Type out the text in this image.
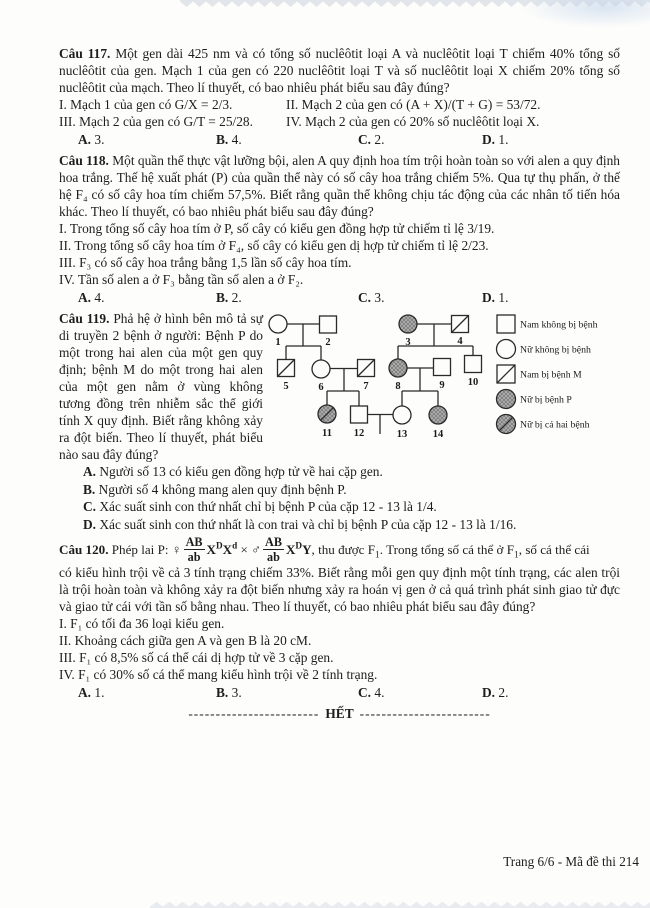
Câu 117. Một gen dài 425 nm và có tổng số nuclêôtit loại A và nuclêôtit loại T chiếm 40% tổng số nuclêôtit của gen. Mạch 1 của gen có 220 nuclêôtit loại T và số nuclêôtit loại X chiếm 20% tổng số nuclêôtit của mạch. Theo lí thuyết, có bao nhiêu phát biểu sau đây đúng?

I. Mạch 1 của gen có G/X = 2/3.	II. Mạch 2 của gen có (A + X)/(T + G) = 53/72.
III. Mạch 2 của gen có G/T = 25/28.	IV. Mạch 2 của gen có 20% số nuclêôtit loại X.
A. 3.	B. 4.	C. 2.	D. 1.

Câu 118. Một quần thể thực vật lưỡng bội, alen A quy định hoa tím trội hoàn toàn so với alen a quy định hoa trắng. Thế hệ xuất phát (P) của quần thể này có số cây hoa trắng chiếm 5%. Qua tự thụ phấn, ở thế hệ F₄ có số cây hoa tím chiếm 57,5%. Biết rằng quần thể không chịu tác động của các nhân tố tiến hóa khác. Theo lí thuyết, có bao nhiêu phát biểu sau đây đúng?

I. Trong tổng số cây hoa tím ở P, số cây có kiểu gen đồng hợp tử chiếm tỉ lệ 3/19.
II. Trong tổng số cây hoa tím ở F₄, số cây có kiểu gen dị hợp tử chiếm tỉ lệ 2/23.
III. F₃ có số cây hoa trắng bằng 1,5 lần số cây hoa tím.
IV. Tần số alen a ở F₃ bằng tần số alen a ở F₂.
A. 4.	B. 2.	C. 3.	D. 1.
1	2	3	4
5	6	7	8	9 10
11 12	13 14
Nam không bị bệnh
Nữ không bị bệnh
Nam bị bệnh M
Nữ bị bệnh P
Nữ bị cả hai bệnh

Câu 119. Phả hệ ở hình bên mô tả sự di truyền 2 bệnh ở người: Bệnh P do một trong hai alen của một gen quy định; bệnh M do một trong hai alen của một gen nằm ở vùng không tương đồng trên nhiễm sắc thể giới tính X quy định. Biết rằng không xảy ra đột biến. Theo lí thuyết, phát biểu nào sau đây đúng?

A. Người số 13 có kiểu gen đồng hợp tử về hai cặp gen.
B. Người số 4 không mang alen quy định bệnh P.
C. Xác suất sinh con thứ nhất chỉ bị bệnh P của cặp 12 - 13 là 1/4.
D. Xác suất sinh con thứ nhất là con trai và chỉ bị bệnh P của cặp 12 - 13 là 1/16.
Câu 120.
Phép lai P: ♀ $\frac{AB}{ab} X^DX^d$ × ♂ $\frac{AB}{ab} X^DY$ , thu được $F_1$. Trong tổng số cá thể ở $F_1$, số cá thể cái

có kiểu hình trội về cả 3 tính trạng chiếm 33%. Biết rằng mỗi gen quy định một tính trạng, các alen trội là trội hoàn toàn và không xảy ra đột biến nhưng xảy ra hoán vị gen ở cả quá trình phát sinh giao tử đực và giao tử cái với tần số bằng nhau. Theo lí thuyết, có bao nhiêu phát biểu sau đây đúng?

I. F₁ có tối đa 36 loại kiểu gen.
II. Khoảng cách giữa gen A và gen B là 20 cM.
III. F₁ có 8,5% số cá thể cái dị hợp tử về 3 cặp gen.
IV. F₁ có 30% số cá thể mang kiểu hình trội về 2 tính trạng.
A. 1.	B. 3.	C. 4.	D. 2.
------------------------ HẾT ------------------------
Trang 6/6 - Mã đề thi 214
